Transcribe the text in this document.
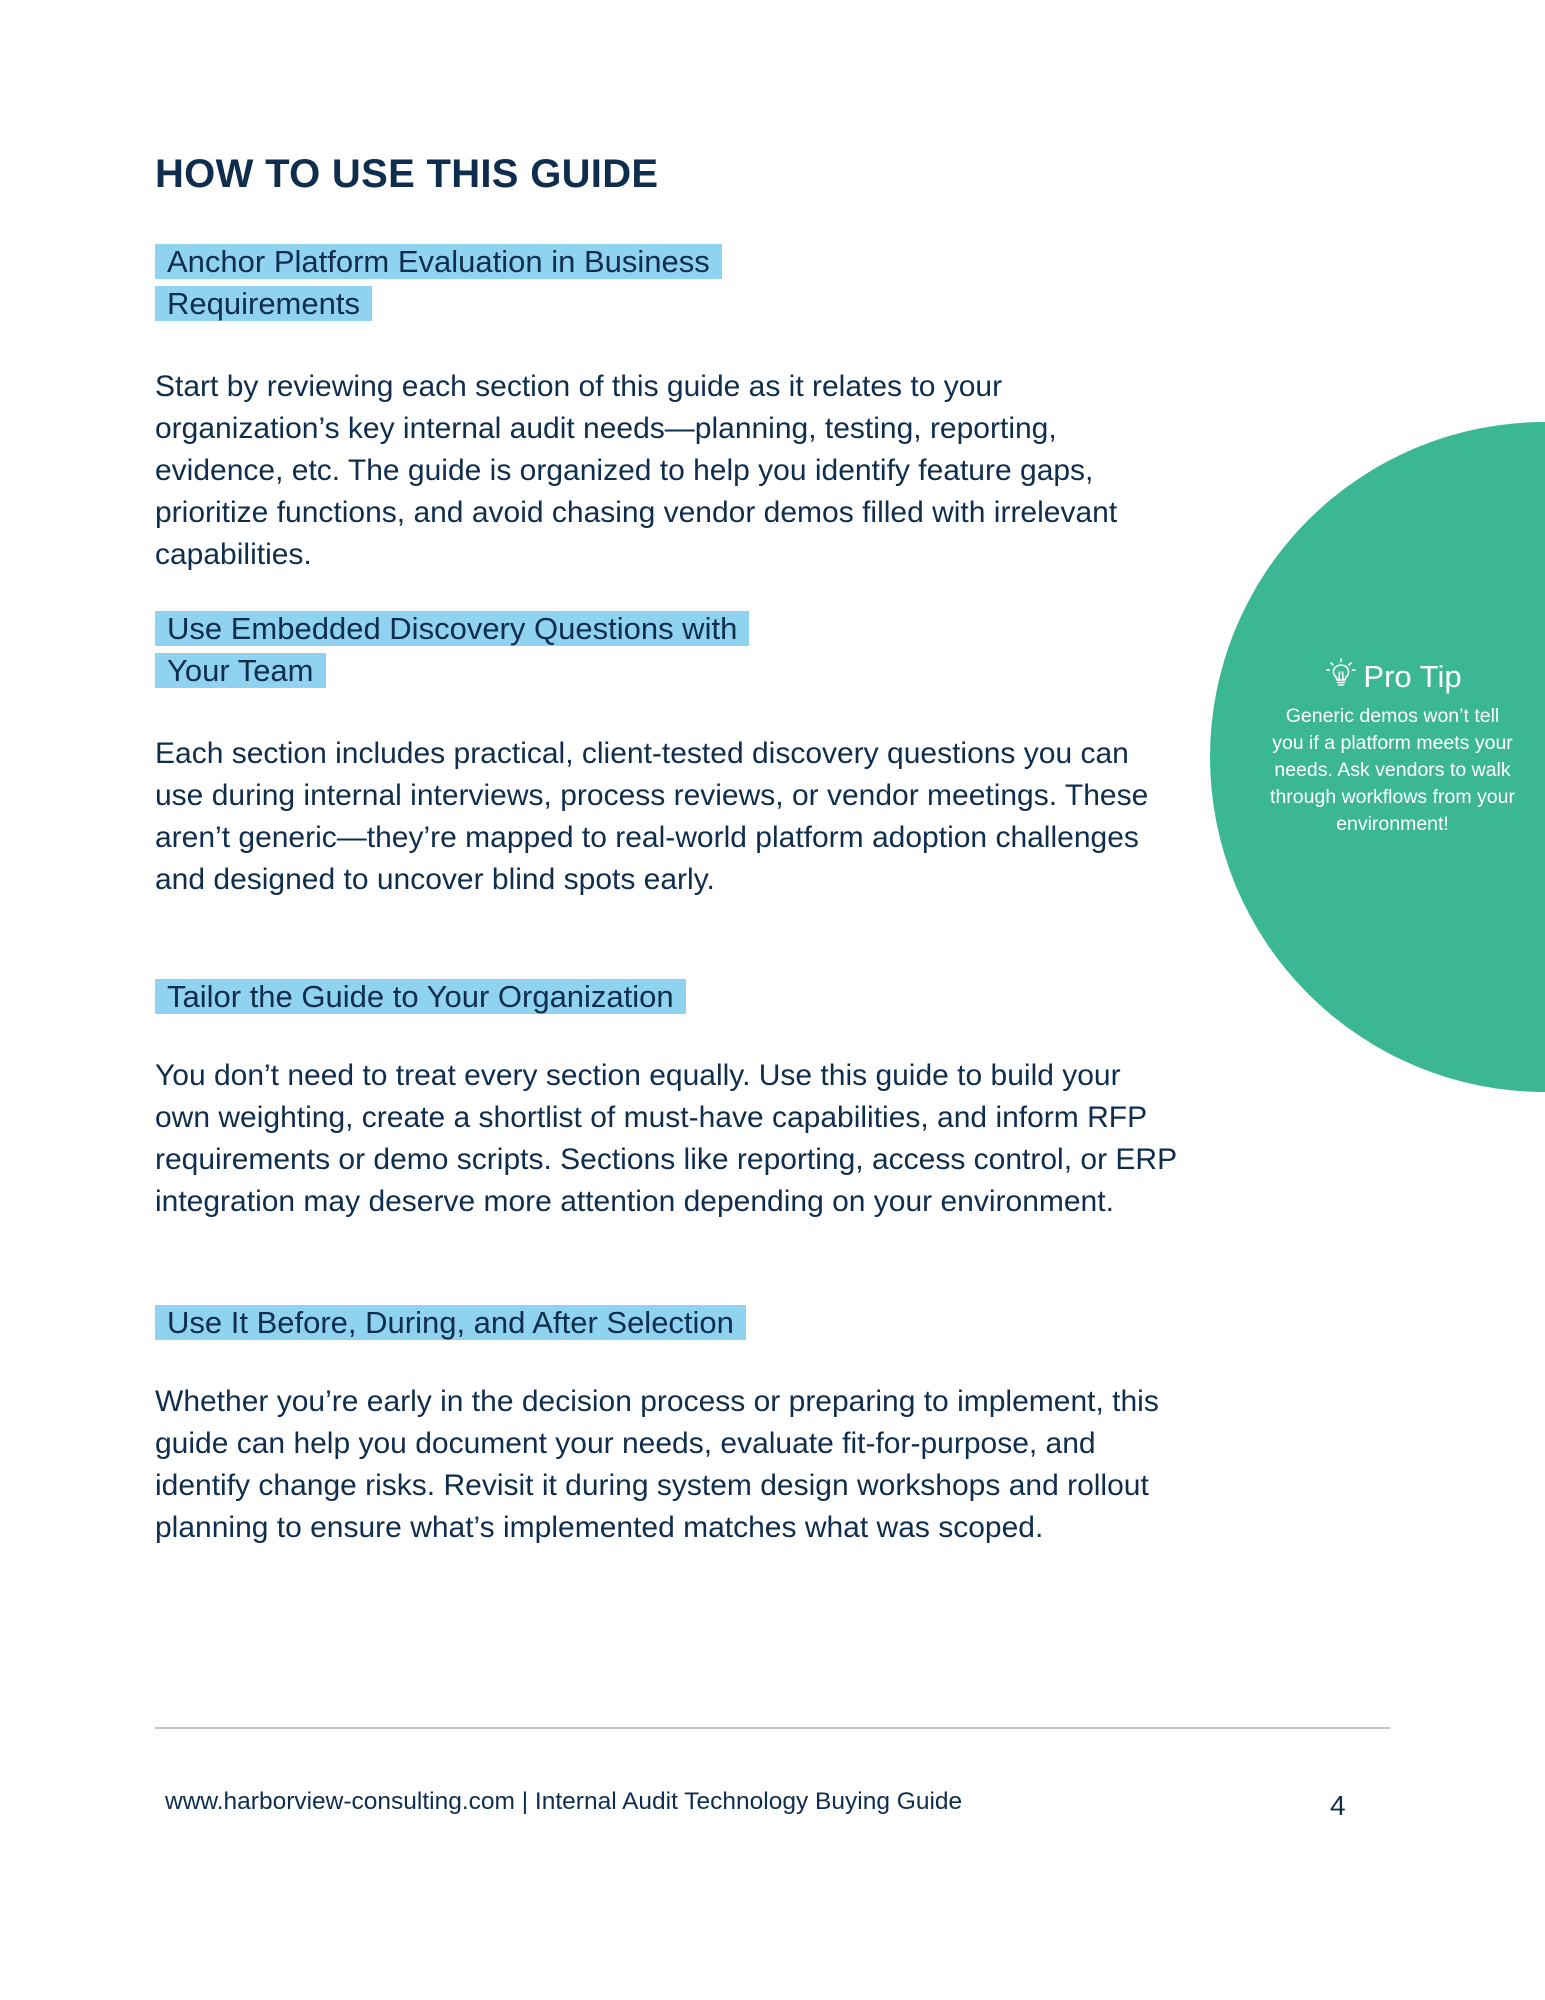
HOW TO USE THIS GUIDE

Anchor Platform Evaluation in Business Requirements

Start by reviewing each section of this guide as it relates to your organization’s key internal audit needs—planning, testing, reporting, evidence, etc. The guide is organized to help you identify feature gaps, prioritize functions, and avoid chasing vendor demos filled with irrelevant capabilities.

Use Embedded Discovery Questions with Your Team

Each section includes practical, client-tested discovery questions you can use during internal interviews, process reviews, or vendor meetings. These aren’t generic—they’re mapped to real-world platform adoption challenges and designed to uncover blind spots early.

Tailor the Guide to Your Organization

You don’t need to treat every section equally. Use this guide to build your own weighting, create a shortlist of must-have capabilities, and inform RFP requirements or demo scripts. Sections like reporting, access control, or ERP integration may deserve more attention depending on your environment.

Use It Before, During, and After Selection

Whether you’re early in the decision process or preparing to implement, this guide can help you document your needs, evaluate fit-for-purpose, and identify change risks. Revisit it during system design workshops and rollout planning to ensure what’s implemented matches what was scoped.

Pro Tip
Generic demos won’t tell you if a platform meets your needs. Ask vendors to walk through workflows from your environment!
www.harborview-consulting.com | Internal Audit Technology Buying Guide	4
